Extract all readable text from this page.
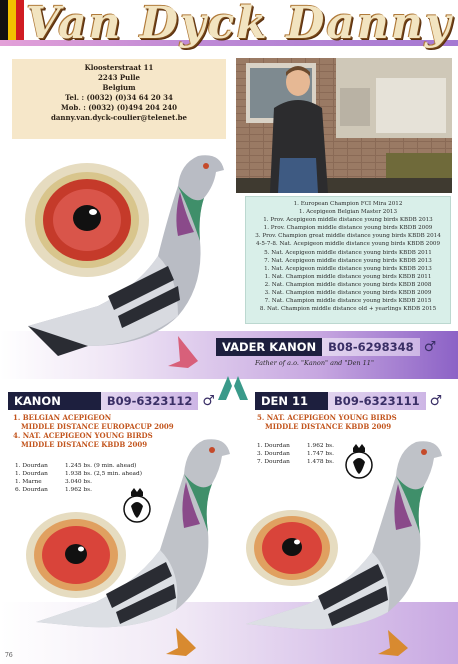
Van Dyck Danny
Kloosterstraat 11
2243 Pulle
Belgium
Tel. : (0032) (0)34 64 20 34
Mob. : (0032) (0)494 204 240
danny.van.dyck-coulier@telenet.be
1. European Champion FCI Mira 2012
1. Acepigeon Belgian Master 2013
1. Prov. Acepigeon middle distance young birds KBDB 2013
1. Prov. Champion middle distance young birds KBDB 2009
3. Prov. Champion great middle distance young birds KBDB 2014
4-5-7-8. Nat. Acepigeon middle distance young birds KBDB 2009
5. Nat. Acepigeon middle distance young birds KBDB 2011
7. Nat. Acepigeon middle distance young birds KBDB 2013
1. Nat. Acepigeon middle distance young birds KBDB 2013
1. Nat. Champion middle distance young birds KBDB 2011
2. Nat. Champion middle distance young birds KBDB 2008
3. Nat. Champion middle distance young birds KBDB 2009
7. Nat. Champion middle distance young birds KBDB 2015
8. Nat. Champion middle distance old + yearlings KBDB 2015
VADER KANON	B08-6298348 ♂
Father of a.o. "Kanon" and "Den 11"
KANON	B09-6323112 ♂	DEN 11	B09-6323111 ♂
1. BELGIAN ACEPIGEON
MIDDLE DISTANCE EUROPACUP 2009
4. NAT. ACEPIGEON YOUNG BIRDS
MIDDLE DISTANCE KBDB 2009
1. Dourdan	1.245 bs. (9 min. ahead)
1. Dourdan	1.938 bs. (2,5 min. ahead)
1. Marne	3.040 bs.
6. Dourdan	1.962 bs.
5. NAT. ACEPIGEON YOUNG BIRDS
MIDDLE DISTANCE KBDB 2009
1. Dourdan	1.962 bs.
3. Dourdan	1.747 bs.
7. Dourdan	1.478 bs.
76
